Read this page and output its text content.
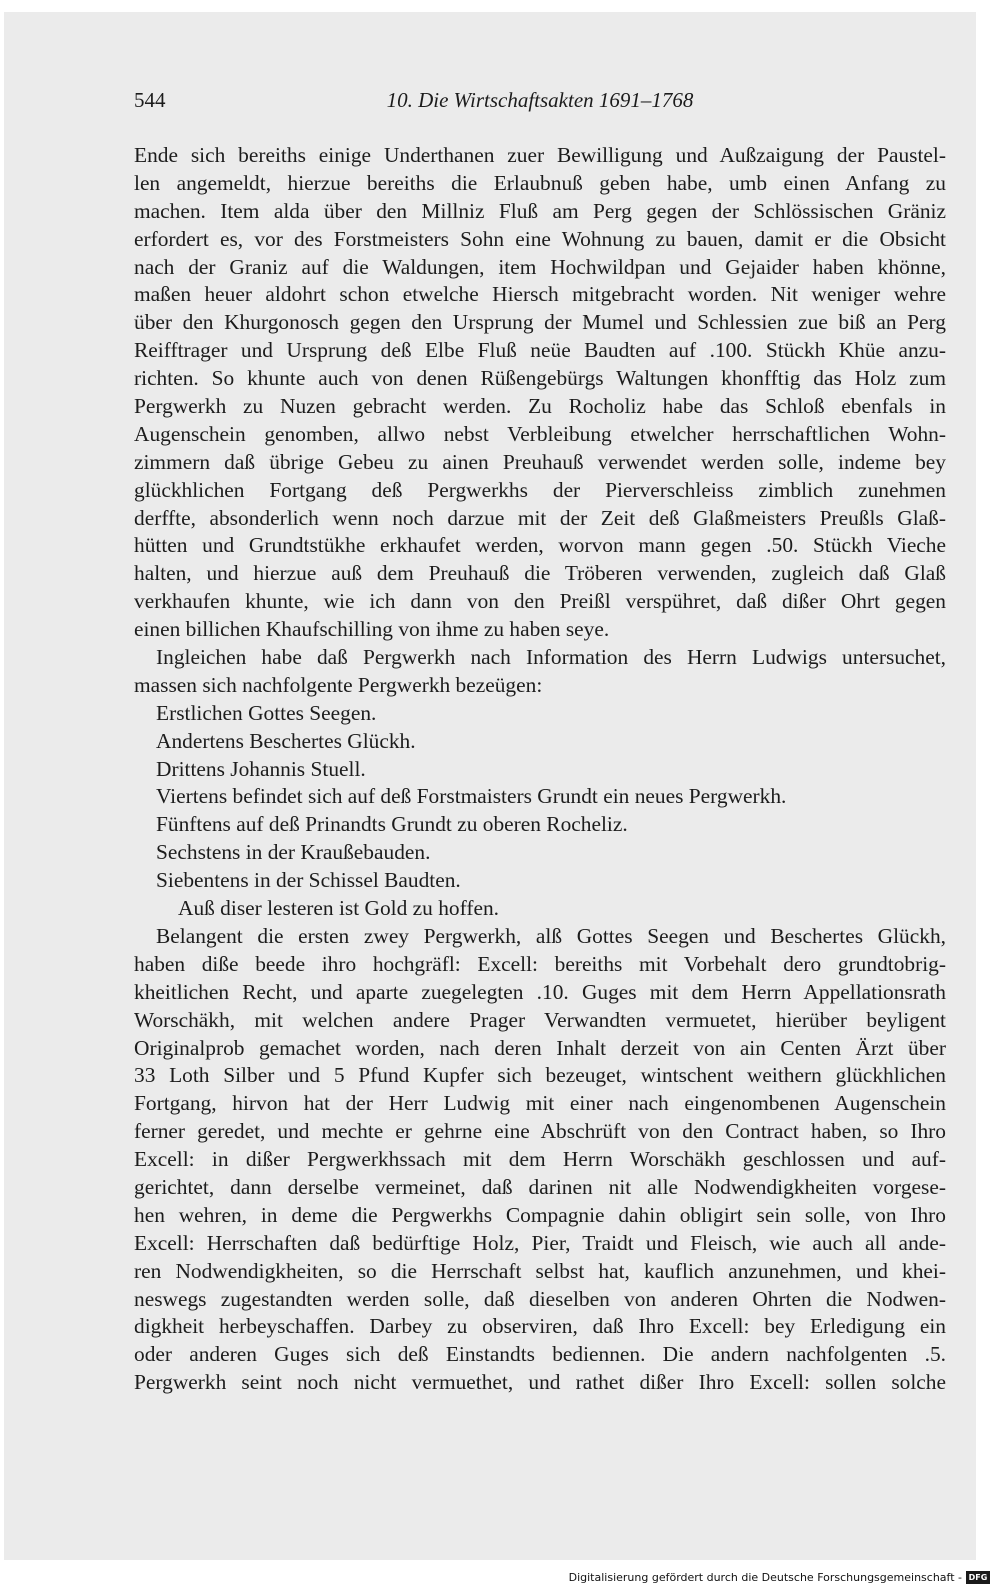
544	10. Die Wirtschaftsakten 1691–1768
Ende sich bereiths einige Underthanen zuer Bewilligung und Außzaigung der Paustel-
len angemeldt, hierzue bereiths die Erlaubnuß geben habe, umb einen Anfang zu
machen. Item alda über den Millniz Fluß am Perg gegen der Schlössischen Gräniz
erfordert es, vor des Forstmeisters Sohn eine Wohnung zu bauen, damit er die Obsicht
nach der Graniz auf die Waldungen, item Hochwildpan und Gejaider haben khönne,
maßen heuer aldohrt schon etwelche Hiersch mitgebracht worden. Nit weniger wehre
über den Khurgonosch gegen den Ursprung der Mumel und Schlessien zue biß an Perg
Reifftrager und Ursprung deß Elbe Fluß neüe Baudten auf .100. Stückh Khüe anzu-
richten. So khunte auch von denen Rüßengebürgs Waltungen khonfftig das Holz zum
Pergwerkh zu Nuzen gebracht werden. Zu Rocholiz habe das Schloß ebenfals in
Augenschein genomben, allwo nebst Verbleibung etwelcher herrschaftlichen Wohn-
zimmern daß übrige Gebeu zu ainen Preuhauß verwendet werden solle, indeme bey
glückhlichen Fortgang deß Pergwerkhs der Pierverschleiss zimblich zunehmen
derffte, absonderlich wenn noch darzue mit der Zeit deß Glaßmeisters Preußls Glaß-
hütten und Grundtstükhe erkhaufet werden, worvon mann gegen .50. Stückh Vieche
halten, und hierzue auß dem Preuhauß die Tröberen verwenden, zugleich daß Glaß
verkhaufen khunte, wie ich dann von den Preißl verspühret, daß dißer Ohrt gegen
einen billichen Khaufschilling von ihme zu haben seye.
Ingleichen habe daß Pergwerkh nach Information des Herrn Ludwigs untersuchet,
massen sich nachfolgente Pergwerkh bezeügen:
Erstlichen Gottes Seegen.
Andertens Beschertes Glückh.
Drittens Johannis Stuell.
Viertens befindet sich auf deß Forstmaisters Grundt ein neues Pergwerkh.
Fünftens auf deß Prinandts Grundt zu oberen Rocheliz.
Sechstens in der Kraußebauden.
Siebentens in der Schissel Baudten.
Auß diser lesteren ist Gold zu hoffen.
Belangent die ersten zwey Pergwerkh, alß Gottes Seegen und Beschertes Glückh,
haben diße beede ihro hochgräfl: Excell: bereiths mit Vorbehalt dero grundtobrig-
kheitlichen Recht, und aparte zuegelegten .10. Guges mit dem Herrn Appellationsrath
Worschäkh, mit welchen andere Prager Verwandten vermuetet, hierüber beyligent
Originalprob gemachet worden, nach deren Inhalt derzeit von ain Centen Ärzt über
33 Loth Silber und 5 Pfund Kupfer sich bezeuget, wintschent weithern glückhlichen
Fortgang, hirvon hat der Herr Ludwig mit einer nach eingenombenen Augenschein
ferner geredet, und mechte er gehrne eine Abschrüft von den Contract haben, so Ihro
Excell: in dißer Pergwerkhssach mit dem Herrn Worschäkh geschlossen und auf-
gerichtet, dann derselbe vermeinet, daß darinen nit alle Nodwendigkheiten vorgese-
hen wehren, in deme die Pergwerkhs Compagnie dahin obligirt sein solle, von Ihro
Excell: Herrschaften daß bedürftige Holz, Pier, Traidt und Fleisch, wie auch all ande-
ren Nodwendigkheiten, so die Herrschaft selbst hat, kauflich anzunehmen, und khei-
neswegs zugestandten werden solle, daß dieselben von anderen Ohrten die Nodwen-
digkheit herbeyschaffen. Darbey zu observiren, daß Ihro Excell: bey Erledigung ein
oder anderen Guges sich deß Einstandts bediennen. Die andern nachfolgenten .5.
Pergwerkh seint noch nicht vermuethet, und rathet dißer Ihro Excell: sollen solche
Digitalisierung gefördert durch die Deutsche Forschungsgemeinschaft - DFG
